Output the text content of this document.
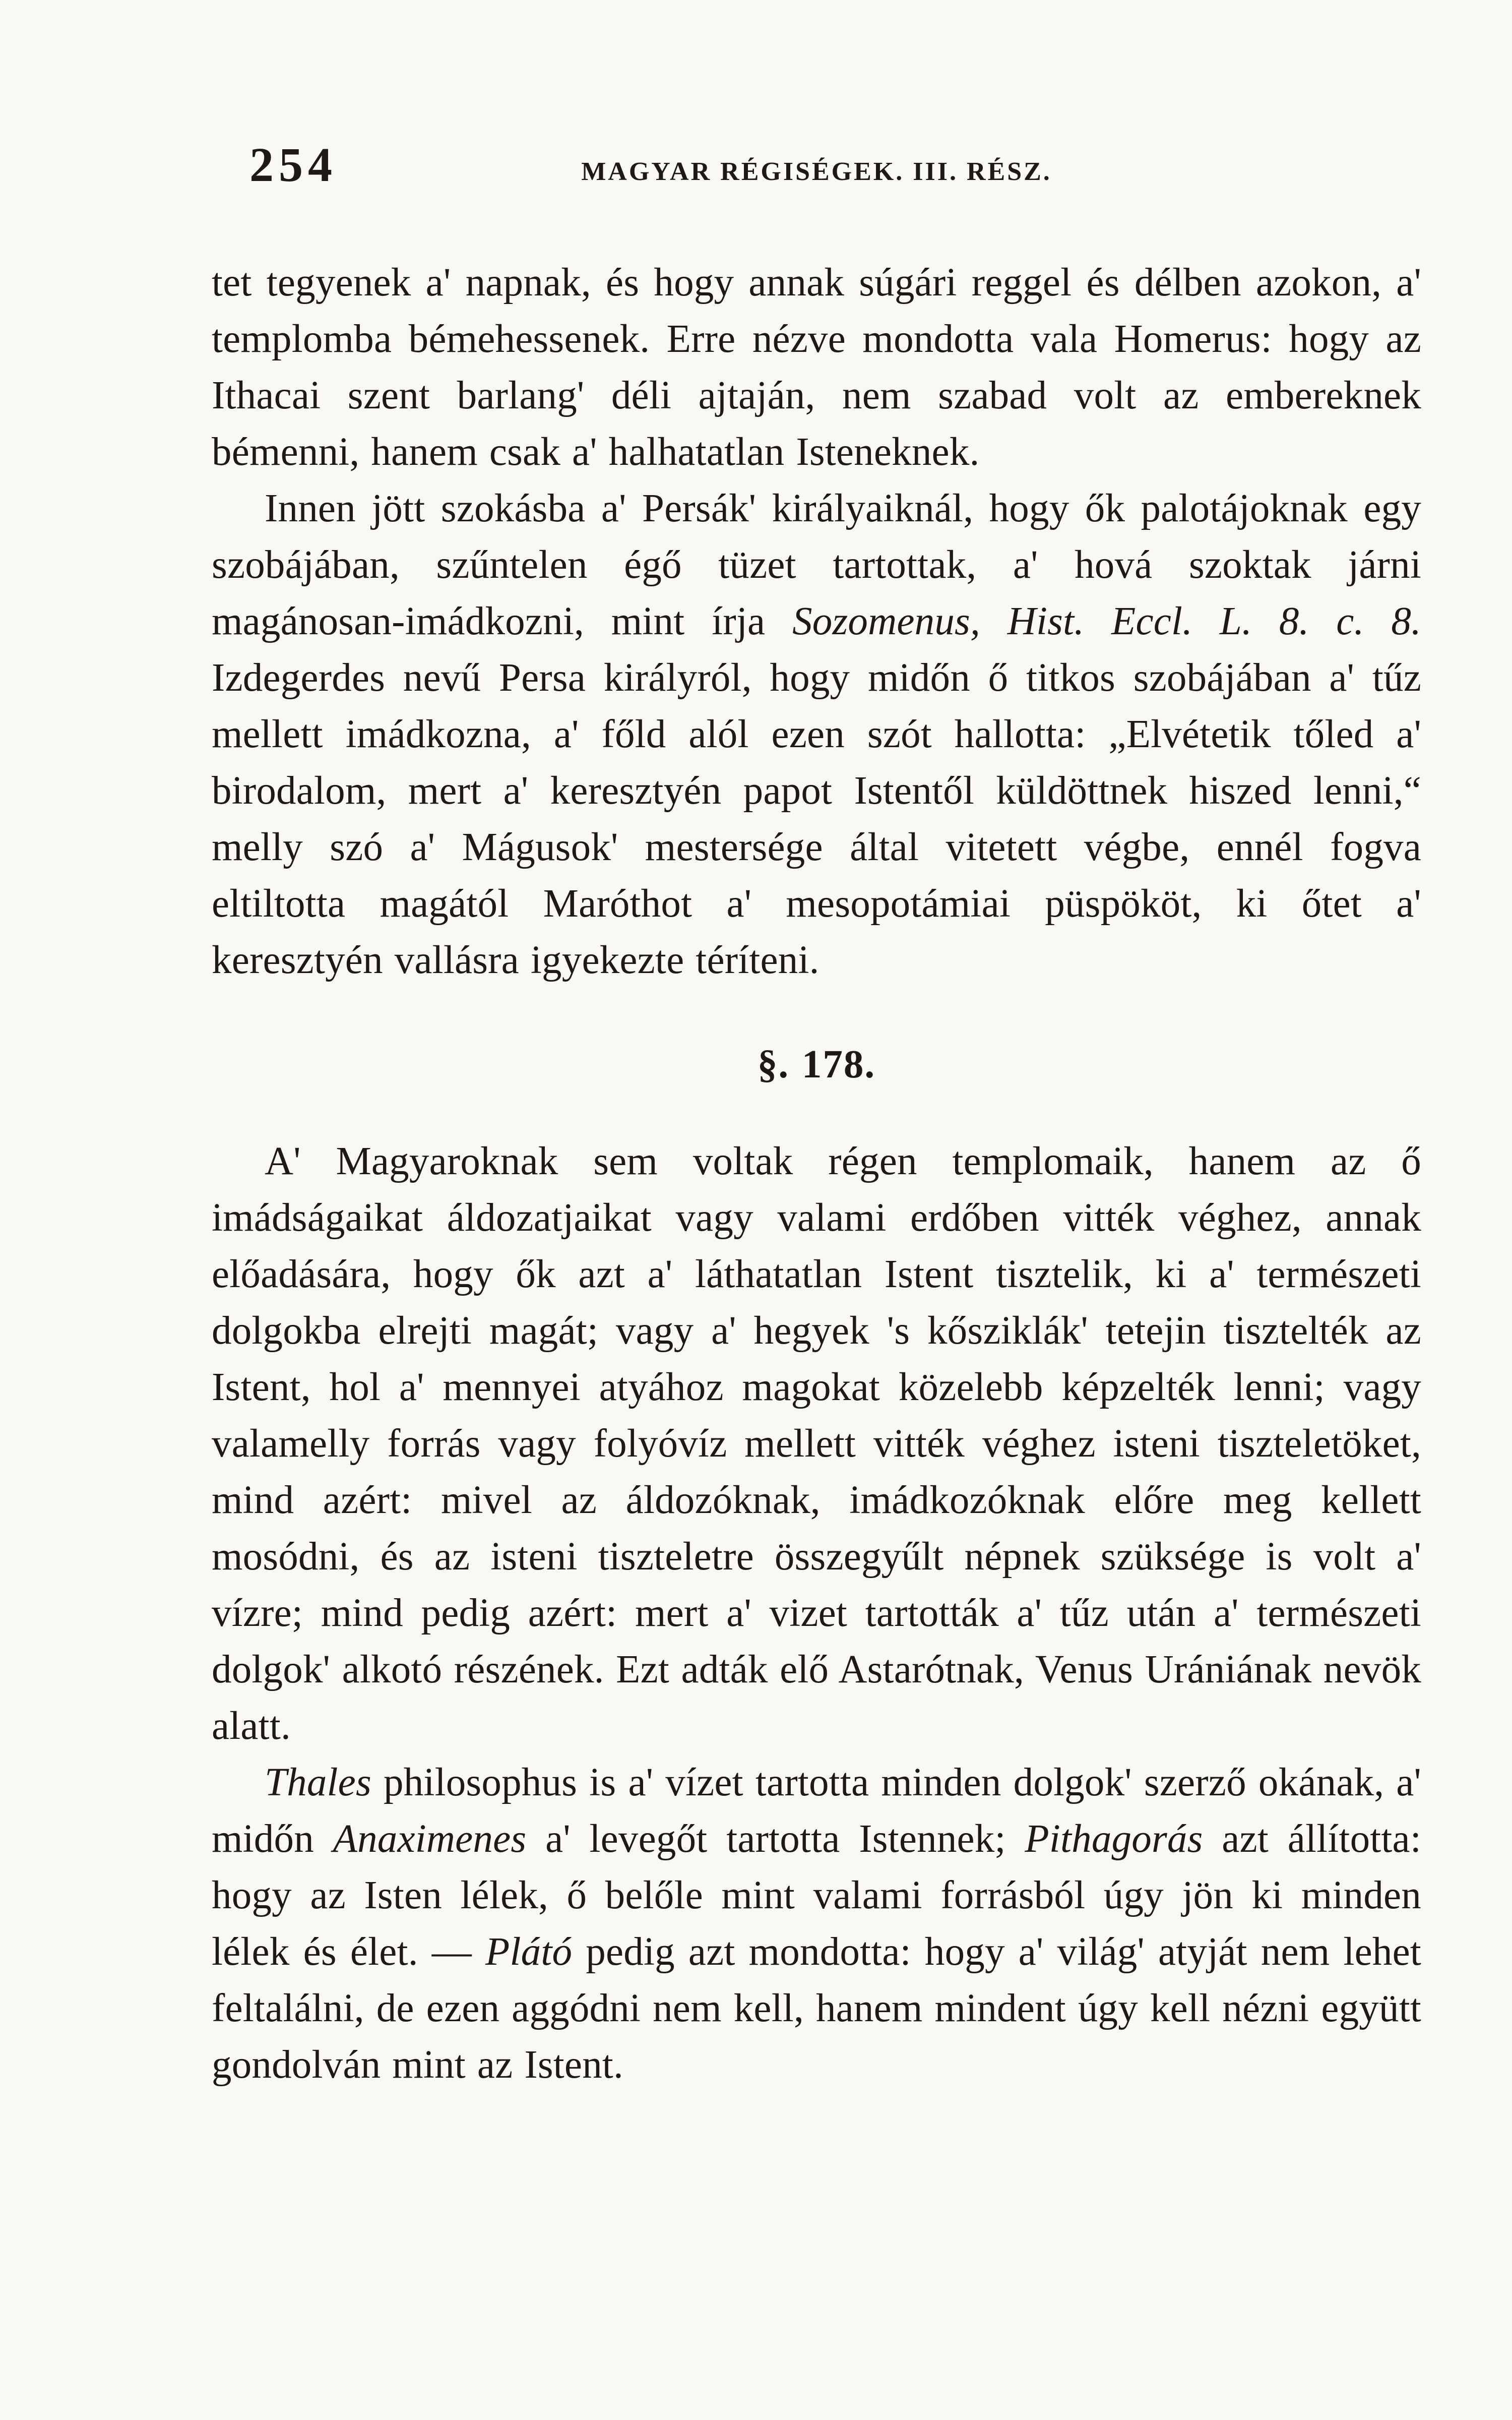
254	MAGYAR RÉGISÉGEK. III. RÉSZ.

tet tegyenek a' napnak, és hogy annak súgári reggel és délben azokon, a' templomba bémehessenek. Erre nézve mondotta vala Homerus: hogy az Ithacai szent barlang' déli ajtaján, nem szabad volt az embereknek bémenni, hanem csak a' halhatatlan Isteneknek.

Innen jött szokásba a' Persák' királyaiknál, hogy ők palotájoknak egy szobájában, szűntelen égő tüzet tartottak, a' hová szoktak járni magánosan-imádkozni, mint írja Sozomenus, Hist. Eccl. L. 8. c. 8. Izdegerdes nevű Persa királyról, hogy midőn ő titkos szobájában a' tűz mellett imádkozna, a' főld alól ezen szót hallotta: „Elvétetik tőled a' birodalom, mert a' keresztyén papot Istentől küldöttnek hiszed lenni,“ melly szó a' Mágusok' mestersége által vitetett végbe, ennél fogva eltiltotta magától Maróthot a' mesopotámiai püspököt, ki őtet a' keresztyén vallásra igyekezte téríteni.

§. 178.

A' Magyaroknak sem voltak régen templomaik, hanem az ő imádságaikat áldozatjaikat vagy valami erdőben vitték véghez, annak előadására, hogy ők azt a' láthatatlan Istent tisztelik, ki a' természeti dolgokba elrejti magát; vagy a' hegyek 's kősziklák' tetejin tisztelték az Istent, hol a' mennyei atyához magokat közelebb képzelték lenni; vagy valamelly forrás vagy folyóvíz mellett vitték véghez isteni tiszteletöket, mind azért: mivel az áldozóknak, imádkozóknak előre meg kellett mosódni, és az isteni tiszteletre összegyűlt népnek szüksége is volt a' vízre; mind pedig azért: mert a' vizet tartották a' tűz után a' természeti dolgok' alkotó részének. Ezt adták elő Astarótnak, Venus Urániának nevök alatt.

Thales philosophus is a' vízet tartotta minden dolgok' szerző okának, a' midőn Anaximenes a' levegőt tartotta Istennek; Pithagorás azt állította: hogy az Isten lélek, ő belőle mint valami forrásból úgy jön ki minden lélek és élet. — Plátó pedig azt mondotta: hogy a' világ' atyját nem lehet feltalálni, de ezen aggódni nem kell, hanem mindent úgy kell nézni együtt gondolván mint az Istent.
